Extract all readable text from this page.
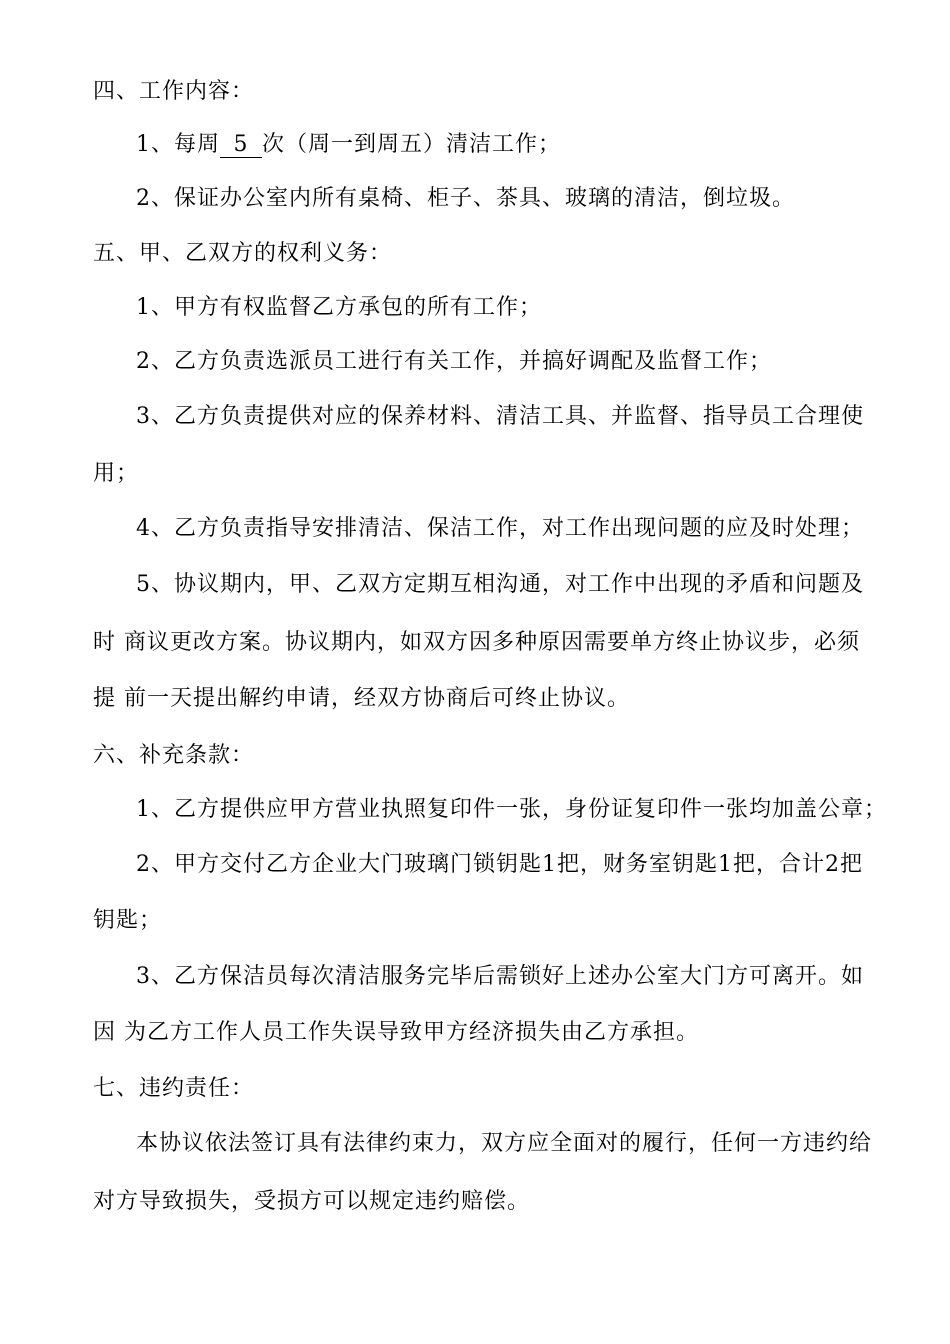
四、工作内容：
1、每周 5 次（周一到周五）清洁工作；
2、保证办公室内所有桌椅、柜子、茶具、玻璃的清洁，倒垃圾。
五、甲、乙双方的权利义务：
1、甲方有权监督乙方承包的所有工作；
2、乙方负责选派员工进行有关工作，并搞好调配及监督工作；
3、乙方负责提供对应的保养材料、清洁工具、并监督、指导员工合理使
用；
4、乙方负责指导安排清洁、保洁工作，对工作出现问题的应及时处理；
5、协议期内，甲、乙双方定期互相沟通，对工作中出现的矛盾和问题及
时 商议更改方案。协议期内，如双方因多种原因需要单方终止协议步，必须
提 前一天提出解约申请，经双方协商后可终止协议。
六、补充条款：
1、乙方提供应甲方营业执照复印件一张，身份证复印件一张均加盖公章；
2、甲方交付乙方企业大门玻璃门锁钥匙1把，财务室钥匙1把，合计2把
钥匙；
3、乙方保洁员每次清洁服务完毕后需锁好上述办公室大门方可离开。如
因 为乙方工作人员工作失误导致甲方经济损失由乙方承担。
七、违约责任：
本协议依法签订具有法律约束力，双方应全面对的履行，任何一方违约给
对方导致损失，受损方可以规定违约赔偿。
